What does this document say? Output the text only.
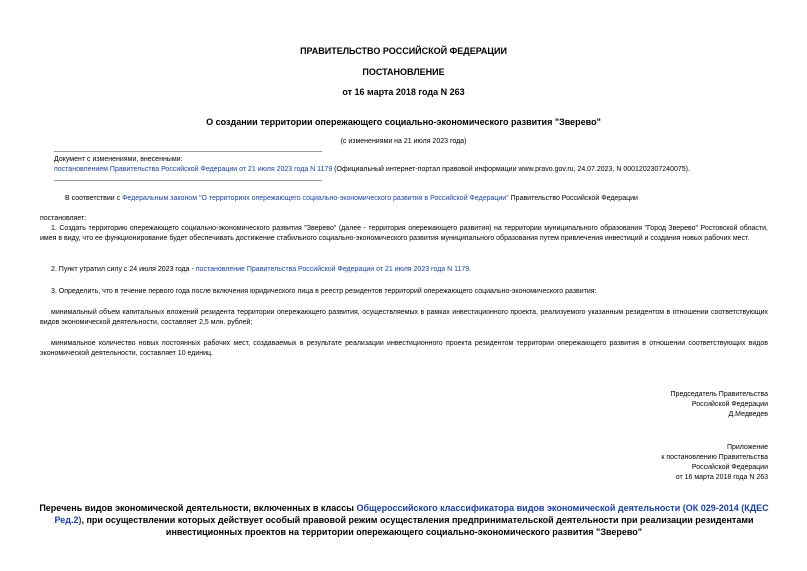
ПРАВИТЕЛЬСТВО РОССИЙСКОЙ ФЕДЕРАЦИИ
ПОСТАНОВЛЕНИЕ
от 16 марта 2018 года N 263
О создании территории опережающего социально-экономического развития "Зверево"
(с изменениями на 21 июля 2023 года)
Документ с изменениями, внесенными:
постановлением Правительства Российской Федерации от 21 июля 2023 года N 1179 (Официальный интернет-портал правовой информации www.pravo.gov.ru, 24.07.2023, N 0001202307240075).
В соответствии с Федеральным законом "О территориях опережающего социально-экономического развития в Российской Федерации" Правительство Российской Федерации
постановляет:
1. Создать территорию опережающего социально-экономического развития "Зверево" (далее - территория опережающего развития) на территории муниципального образования "Город Зверево" Ростовской области, имея в виду, что ее функционирование будет обеспечивать достижение стабильного социально-экономического развития муниципального образования путем привлечения инвестиций и создания новых рабочих мест.
2. Пункт утратил силу с 24 июля 2023 года - постановление Правительства Российской Федерации от 21 июля 2023 года N 1179.
3. Определить, что в течение первого года после включения юридического лица в реестр резидентов территорий опережающего социально-экономического развития:
минимальный объем капитальных вложений резидента территории опережающего развития, осуществляемых в рамках инвестиционного проекта, реализуемого указанным резидентом в отношении соответствующих видов экономической деятельности, составляет 2,5 млн. рублей;
минимальное количество новых постоянных рабочих мест, создаваемых в результате реализации инвестиционного проекта резидентом территории опережающего развития в отношении соответствующих видов экономической деятельности, составляет 10 единиц.
Председатель Правительства
Российской Федерации
Д.Медведев
Приложение
к постановлению Правительства
Российской Федерации
от 16 марта 2018 года N 263
Перечень видов экономической деятельности, включенных в классы Общероссийского классификатора видов экономической деятельности (ОК 029-2014 (КДЕС Ред.2), при осуществлении которых действует особый правовой режим осуществления предпринимательской деятельности при реализации резидентами инвестиционных проектов на территории опережающего социально-экономического развития "Зверево"
